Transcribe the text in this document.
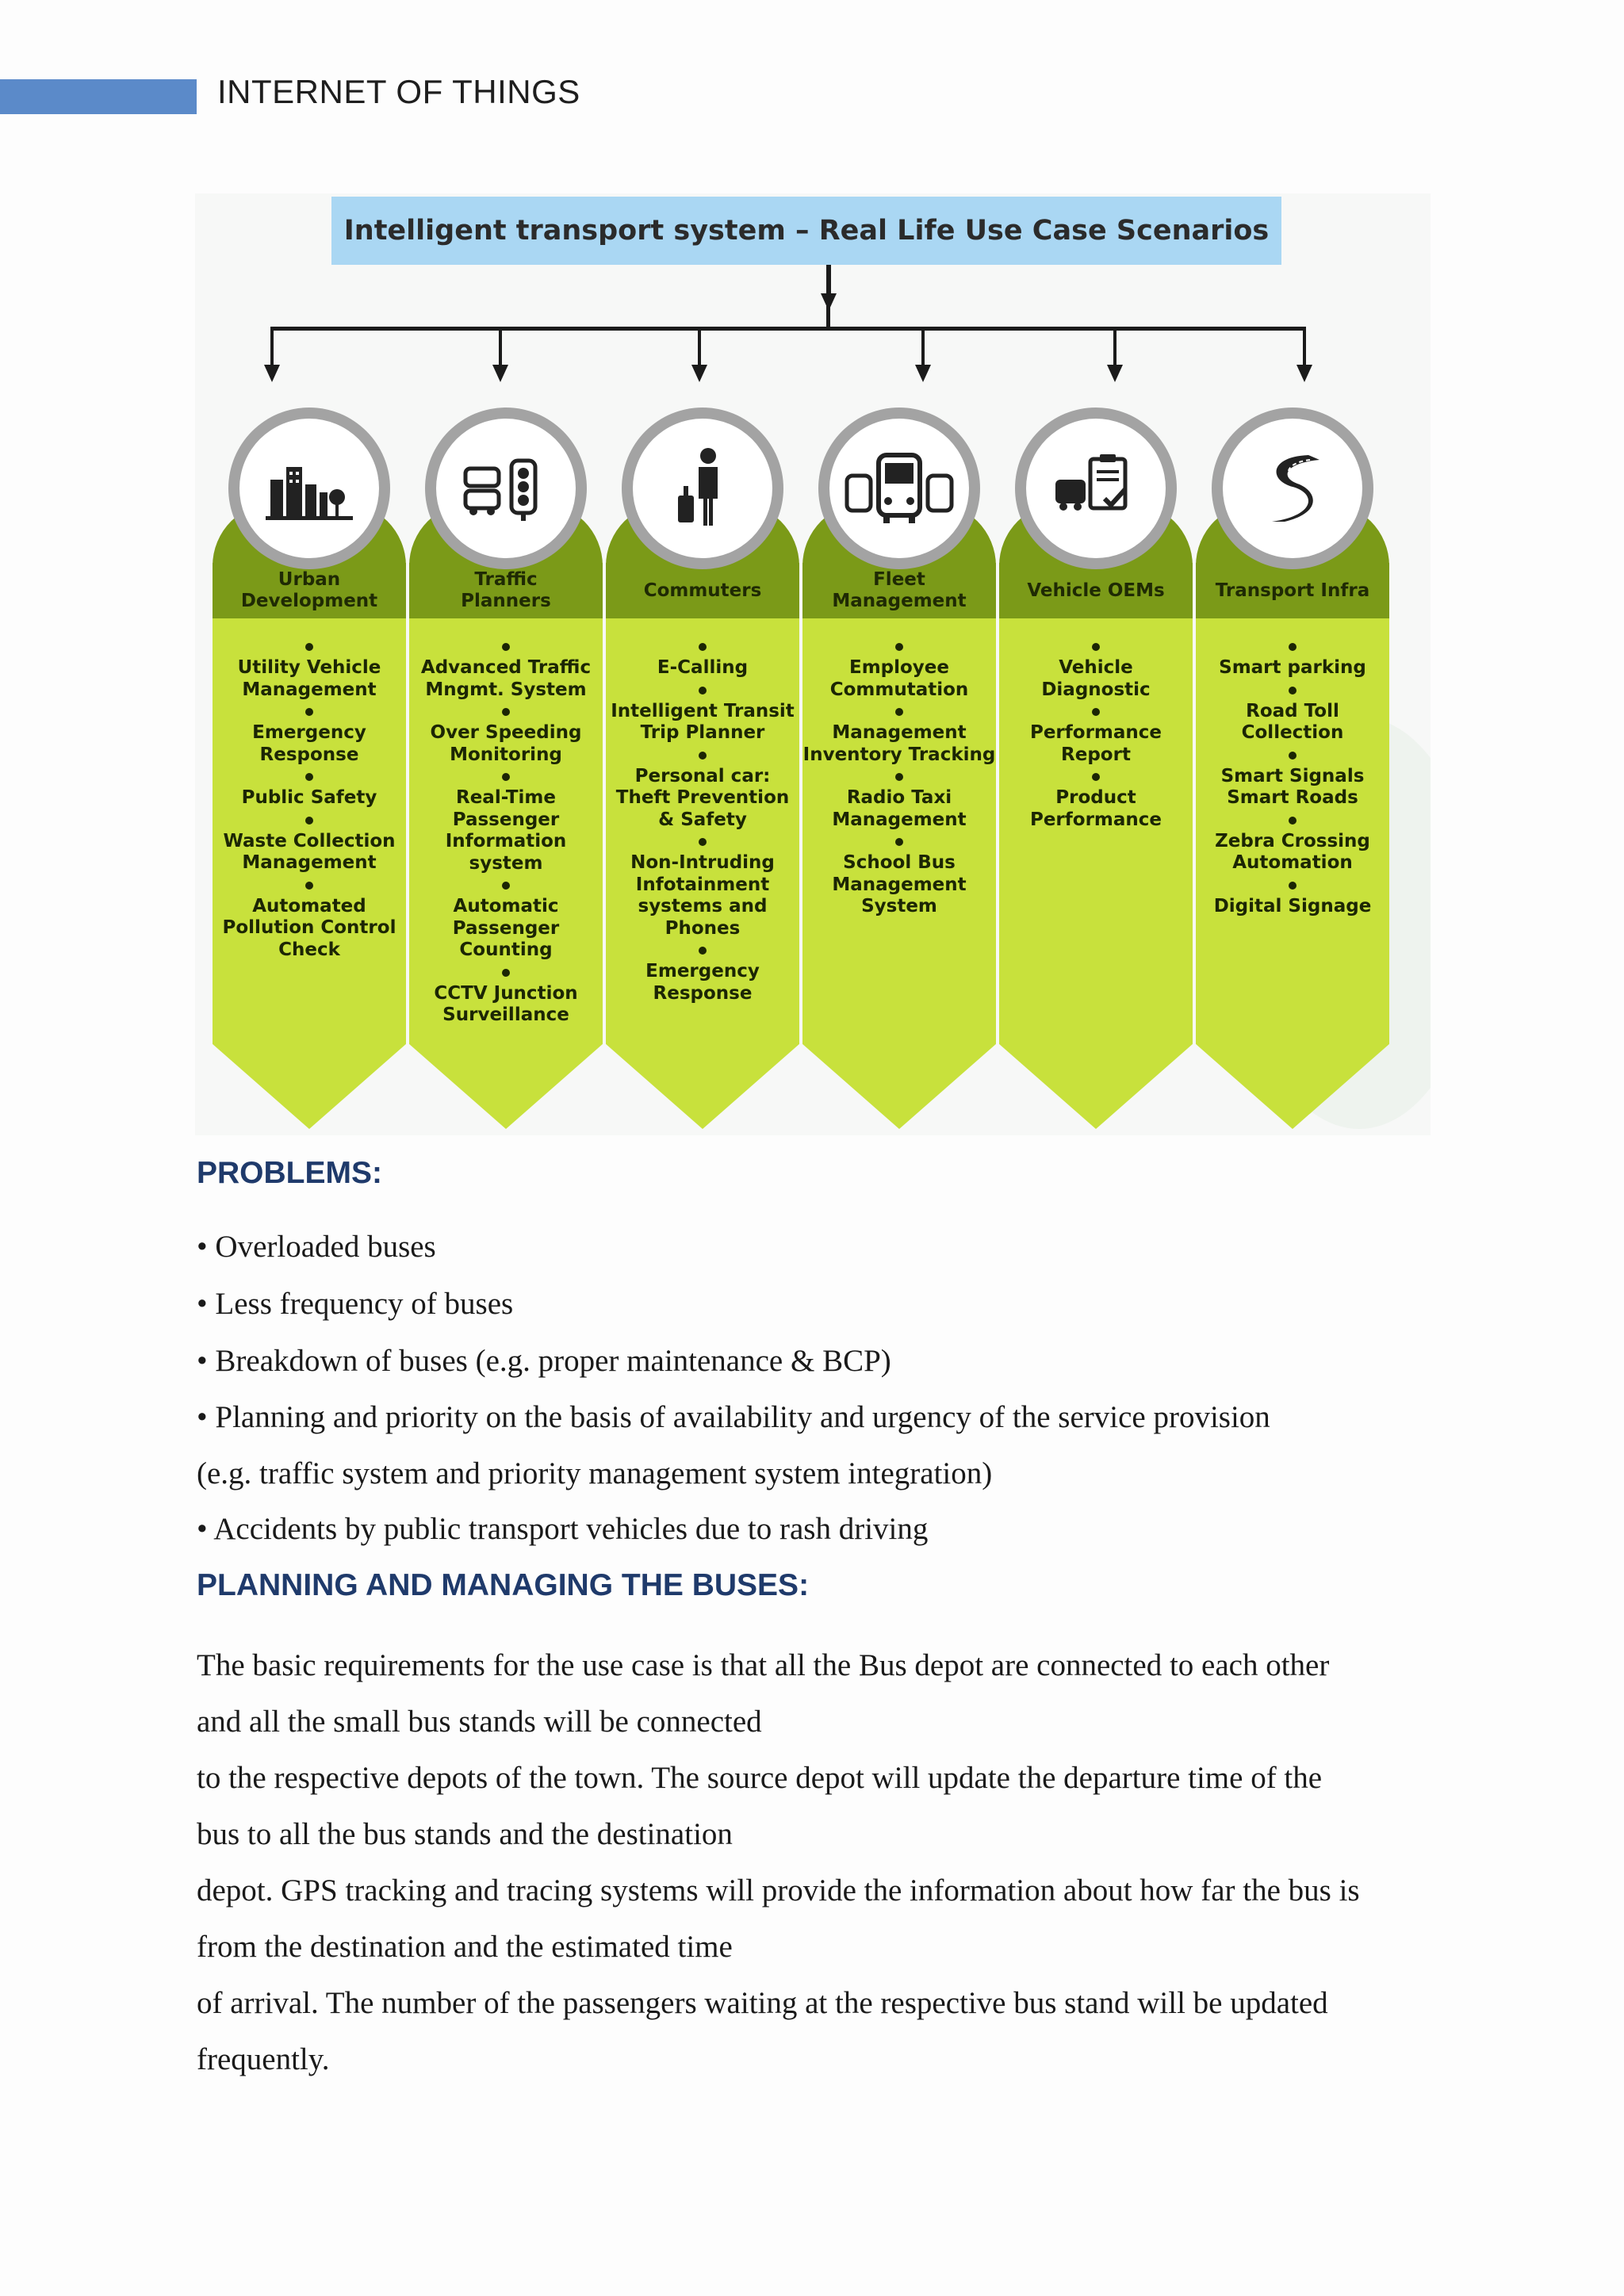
INTERNET OF THINGS
Intelligent transport system – Real Life Use Case Scenarios
Urban
Development
Utility Vehicle
Management
Emergency
Response
Public Safety
Waste Collection
Management
Automated
Pollution Control
Check
Traffic
Planners
Advanced Traffic
Mngmt. System
Over Speeding
Monitoring
Real-Time
Passenger
Information
system
Automatic
Passenger
Counting
CCTV Junction
Surveillance
Commuters
E-Calling
Intelligent Transit
Trip Planner
Personal car:
Theft Prevention
& Safety
Non-Intruding
Infotainment
systems and
Phones
Emergency
Response
Fleet
Management
Employee
Commutation
Management
Inventory Tracking
Radio Taxi
Management
School Bus
Management
System
Vehicle OEMs
Vehicle
Diagnostic
Performance
Report
Product
Performance
Transport Infra
Smart parking
Road Toll
Collection
Smart Signals
Smart Roads
Zebra Crossing
Automation
Digital Signage
PROBLEMS:
• Overloaded buses
• Less frequency of buses
• Breakdown of buses (e.g. proper maintenance & BCP)
• Planning and priority on the basis of availability and urgency of the service provision
(e.g. traffic system and priority management system integration)
• Accidents by public transport vehicles due to rash driving
PLANNING AND MANAGING THE BUSES:
The basic requirements for the use case is that all the Bus depot are connected to each other
and all the small bus stands will be connected
to the respective depots of the town. The source depot will update the departure time of the
bus to all the bus stands and the destination
depot. GPS tracking and tracing systems will provide the information about how far the bus is
from the destination and the estimated time
of arrival. The number of the passengers waiting at the respective bus stand will be updated
frequently.
